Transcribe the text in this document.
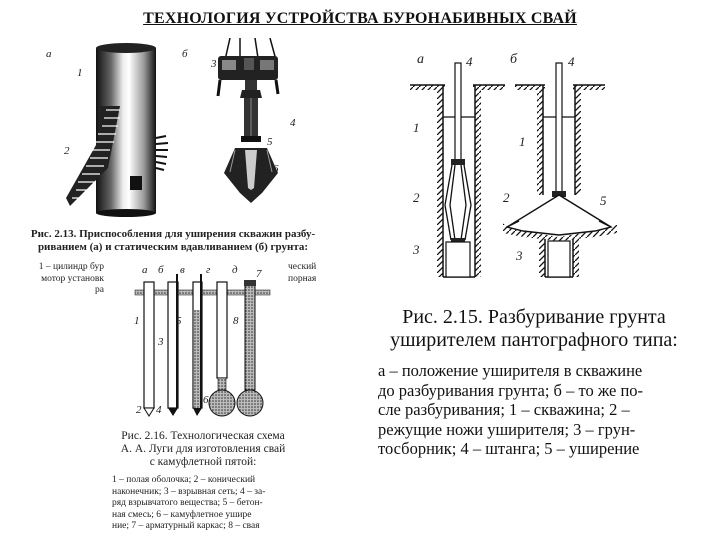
ТЕХНОЛОГИЯ УСТРОЙСТВА БУРОНАБИВНЫХ СВАЙ
а	б
1
2
3
4
5
6
Рис. 2.13. Приспособления для уширения скважин разбу-
риванием (а) и статическим вдавливанием (б) грунта:
1 – цилиндр бур
мотор установк
ра
ческий
порная
а б в г д 7
1
3
5	8
2 4
6
Рис. 2.16. Технологическая схема
А. А. Луги для изготовления свай
с камуфлетной пятой:
1 – полая оболочка; 2 – конический
наконечник; 3 – взрывная сеть; 4 – за-
ряд взрывчатого вещества; 5 – бетон-
ная смесь; 6 – камуфлетное уширe
ние; 7 – арматурный каркас; 8 – свая
а	б
4	4
1
1
2	2	5
3	3
Рис. 2.15. Разбуривание грунта
уширителем пантографного типа:
а – положение уширителя в скважине
до разбуривания грунта; б – то же по-
сле разбуривания; 1 – скважина; 2 –
режущие ножи уширителя; 3 – грун-
тосборник; 4 – штанга; 5 – уширение
